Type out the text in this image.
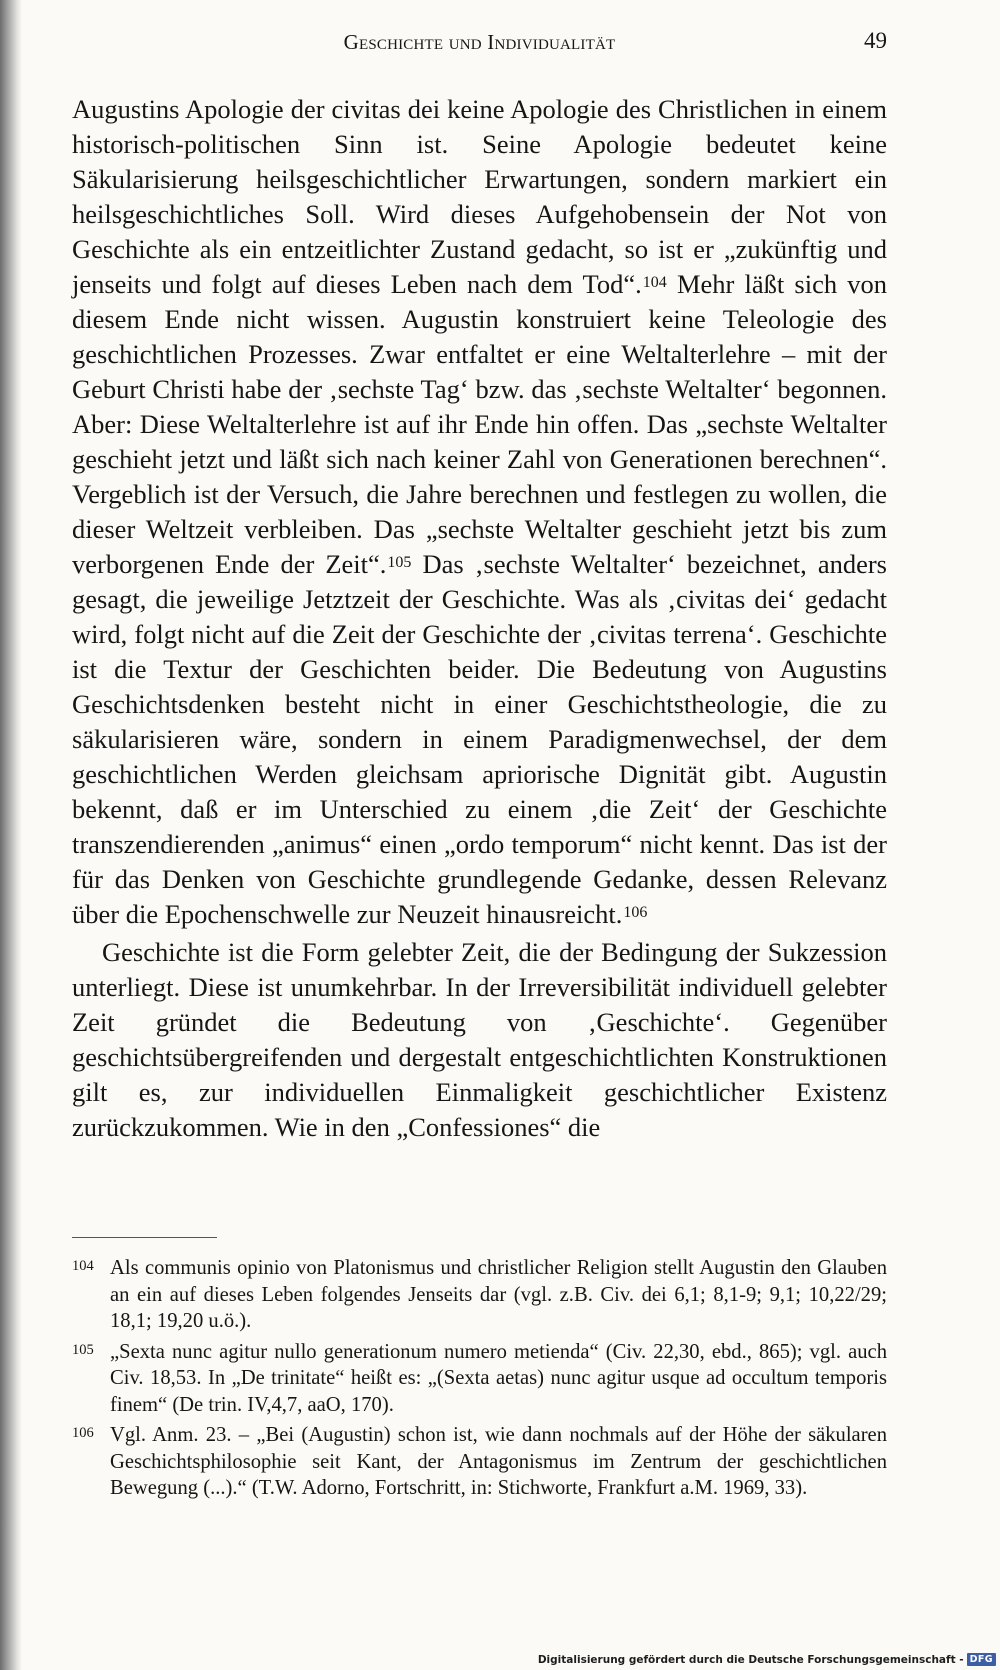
Geschichte und Individualität	49

Augustins Apologie der civitas dei keine Apologie des Christlichen in einem historisch-politischen Sinn ist. Seine Apologie bedeutet keine Säkularisierung heilsgeschichtlicher Erwartungen, sondern markiert ein heilsgeschichtliches Soll. Wird dieses Aufgehobensein der Not von Geschichte als ein entzeitlichter Zustand gedacht, so ist er „zukünftig und jenseits und folgt auf dieses Leben nach dem Tod“.$^{104}$ Mehr läßt sich von diesem Ende nicht wissen. Augustin konstruiert keine Teleologie des geschichtlichen Prozesses. Zwar entfaltet er eine Weltalterlehre – mit der Geburt Christi habe der ‚sechste Tag‘ bzw. das ‚sechste Weltalter‘ begonnen. Aber: Diese Weltalterlehre ist auf ihr Ende hin offen. Das „sechste Weltalter geschieht jetzt und läßt sich nach keiner Zahl von Generationen berechnen“. Vergeblich ist der Versuch, die Jahre berechnen und festlegen zu wollen, die dieser Weltzeit verbleiben. Das „sechste Weltalter geschieht jetzt bis zum verborgenen Ende der Zeit“.$^{105}$ Das ‚sechste Weltalter‘ bezeichnet, anders gesagt, die jeweilige Jetztzeit der Geschichte. Was als ‚civitas dei‘ gedacht wird, folgt nicht auf die Zeit der Geschichte der ‚civitas terrena‘. Geschichte ist die Textur der Geschichten beider. Die Bedeutung von Augustins Geschichtsdenken besteht nicht in einer Geschichtstheologie, die zu säkularisieren wäre, sondern in einem Paradigmenwechsel, der dem geschichtlichen Werden gleichsam apriorische Dignität gibt. Augustin bekennt, daß er im Unterschied zu einem ‚die Zeit‘ der Geschichte transzendierenden „animus“ einen „ordo temporum“ nicht kennt. Das ist der für das Denken von Geschichte grundlegende Gedanke, dessen Relevanz über die Epochenschwelle zur Neuzeit hinausreicht.$^{106}$

Geschichte ist die Form gelebter Zeit, die der Bedingung der Sukzession unterliegt. Diese ist unumkehrbar. In der Irreversibilität individuell gelebter Zeit gründet die Bedeutung von ‚Geschichte‘. Gegenüber geschichtsübergreifenden und dergestalt entgeschichtlichten Konstruktionen gilt es, zur individuellen Einmaligkeit geschichtlicher Existenz zurückzukommen. Wie in den „Confessiones“ die

104 Als communis opinio von Platonismus und christlicher Religion stellt Augustin den Glauben an ein auf dieses Leben folgendes Jenseits dar (vgl. z.B. Civ. dei 6,1; 8,1-9; 9,1; 10,22/29; 18,1; 19,20 u.ö.).
105 „Sexta nunc agitur nullo generationum numero metienda“ (Civ. 22,30, ebd., 865); vgl. auch Civ. 18,53. In „De trinitate“ heißt es: „(Sexta aetas) nunc agitur usque ad occultum temporis finem“ (De trin. IV,4,7, aaO, 170).
106 Vgl. Anm. 23. – „Bei (Augustin) schon ist, wie dann nochmals auf der Höhe der säkularen Geschichtsphilosophie seit Kant, der Antagonismus im Zentrum der geschichtlichen Bewegung (...).“ (T.W. Adorno, Fortschritt, in: Stichworte, Frankfurt a.M. 1969, 33).
Digitalisierung gefördert durch die Deutsche Forschungsgemeinschaft - DFG
